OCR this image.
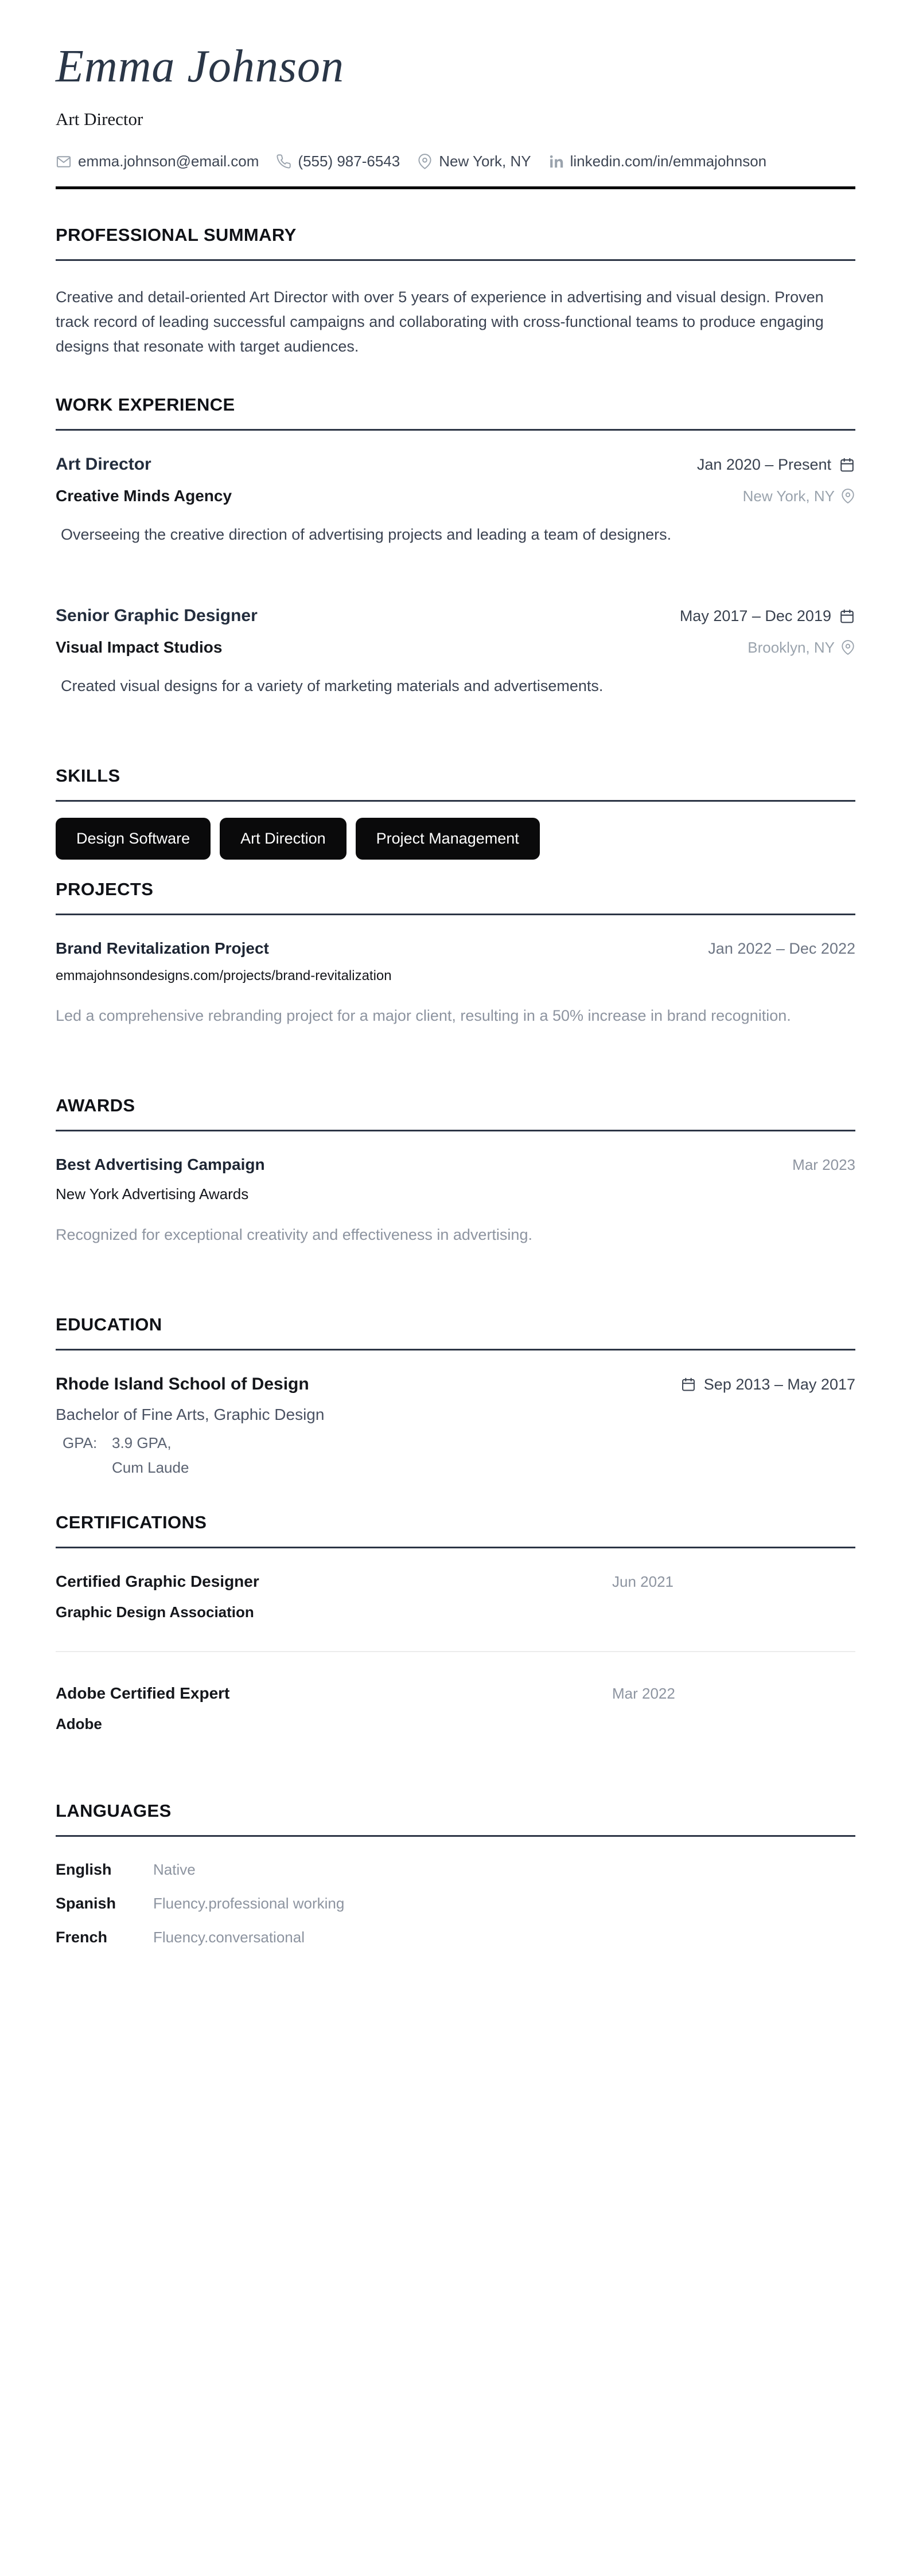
Emma Johnson

Art Director

emma.johnson@email.com	(555) 987-6543	New York, NY	linkedin.com/in/emmajohnson
PROFESSIONAL SUMMARY

Creative and detail-oriented Art Director with over 5 years of experience in advertising and visual design. Proven track record of leading successful campaigns and collaborating with cross-functional teams to produce engaging designs that resonate with target audiences.

WORK EXPERIENCE
Art Director	Jan 2020 – Present
Creative Minds Agency	New York, NY

Overseeing the creative direction of advertising projects and leading a team of designers.

Senior Graphic Designer	May 2017 – Dec 2019
Visual Impact Studios	Brooklyn, NY

Created visual designs for a variety of marketing materials and advertisements.

SKILLS
Design Software	Art Direction	Project Management
PROJECTS
Brand Revitalization Project	Jan 2022 – Dec 2022

emmajohnsondesigns.com/projects/brand-revitalization

Led a comprehensive rebranding project for a major client, resulting in a 50% increase in brand recognition.

AWARDS
Best Advertising Campaign	Mar 2023

New York Advertising Awards

Recognized for exceptional creativity and effectiveness in advertising.

EDUCATION
Rhode Island School of Design	Sep 2013 – May 2017

Bachelor of Fine Arts, Graphic Design

GPA: 3.9 GPA,
Cum Laude
CERTIFICATIONS
Certified Graphic Designer	Jun 2021

Graphic Design Association

Adobe Certified Expert	Mar 2022

Adobe

LANGUAGES
English	Native
Spanish	Fluency.professional working
French	Fluency.conversational
